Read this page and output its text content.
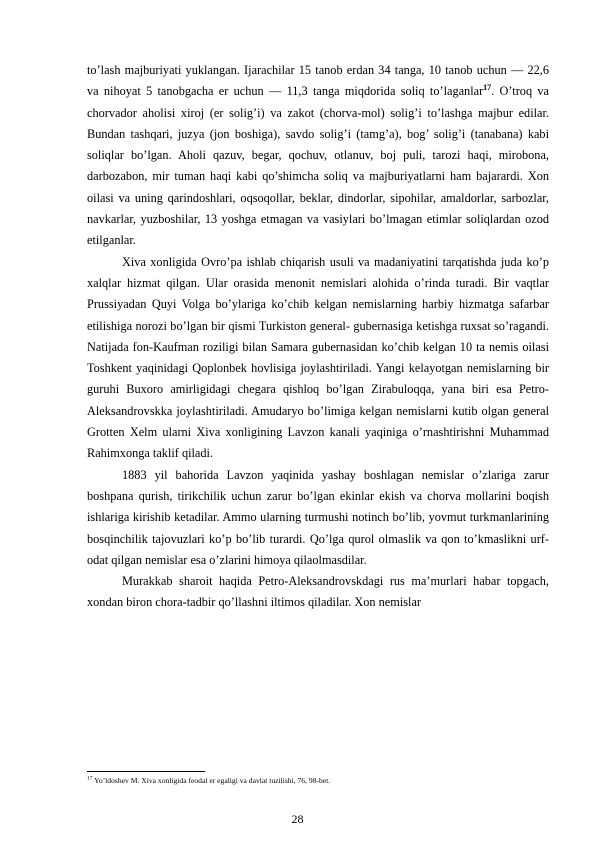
to’lash majburiyati yuklangan. Ijarachilar 15 tanob erdan 34 tanga, 10 tanob uchun — 22,6 va nihoyat 5 tanobgacha er uchun — 11,3 tanga miqdorida soliq to’laganlar$^{17}$. O’troq va chorvador aholisi xiroj (er solig’i) va zakot (chorva-mol) solig’i to’lashga majbur edilar. Bundan tashqari, juzya (jon boshiga), savdo solig’i (tamg’a), bog’ solig’i (tanabana) kabi soliqlar bo’lgan. Aholi qazuv, begar, qochuv, otlanuv, boj puli, tarozi haqi, mirobona, darbozabon, mir tuman haqi kabi qo’shimcha soliq va majburiyatlarni ham bajarardi. Xon oilasi va uning qarindoshlari, oqsoqollar, beklar, dindorlar, sipohilar, amaldorlar, sarbozlar, navkarlar, yuzboshilar, 13 yoshga etmagan va vasiylari bo’lmagan etimlar soliqlardan ozod etilganlar.

Xiva xonligida Ovro’pa ishlab chiqarish usuli va madaniyatini tarqatishda juda ko’p xalqlar hizmat qilgan. Ular orasida menonit nemislari alohida o’rinda turadi. Bir vaqtlar Prussiyadan Quyi Volga bo’ylariga ko’chib kelgan nemislarning harbiy hizmatga safarbar etilishiga norozi bo’lgan bir qismi Turkiston general- gubernasiga ketishga ruxsat so’ragandi. Natijada fon-Kaufman roziligi bilan Samara gubernasidan ko’chib kelgan 10 ta nemis oilasi Toshkent yaqinidagi Qoplonbek hovlisiga joylashtiriladi. Yangi kelayotgan nemislarning bir guruhi Buxoro amirligidagi chegara qishloq bo’lgan Zirabuloqqa, yana biri esa Petro- Aleksandrovskka joylashtiriladi. Amudaryo bo’limiga kelgan nemislarni kutib olgan general Grotten Xelm ularni Xiva xonligining Lavzon kanali yaqiniga o’rnashtirishni Muhammad Rahimxonga taklif qiladi.

1883 yil bahorida Lavzon yaqinida yashay boshlagan nemislar o’zlariga zarur boshpana qurish, tirikchilik uchun zarur bo’lgan ekinlar ekish va chorva mollarini boqish ishlariga kirishib ketadilar. Ammo ularning turmushi notinch bo’lib, yovmut turkmanlarining bosqinchilik tajovuzlari ko’p bo’lib turardi. Qo’lga qurol olmaslik va qon to’kmaslikni urf-odat qilgan nemislar esa o’zlarini himoya qilaolmasdilar.

Murakkab sharoit haqida Petro-Aleksandrovskdagi rus ma’murlari habar topgach, xondan biron chora-tadbir qo’llashni iltimos qiladilar. Xon nemislar

$^{17}$ Yo’ldoshev M. Xiva xonligida feodal er egaligi va davlat tuzilishi, 76, 98-bet.
28
